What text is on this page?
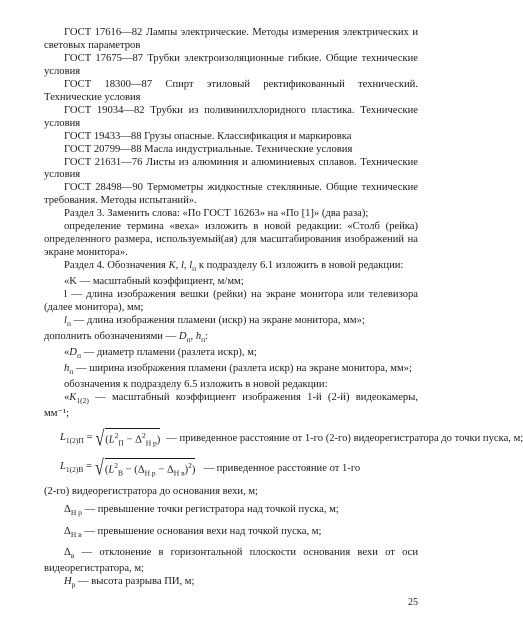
ГОСТ 17616—82 Лампы электрические. Методы измерения электрических и световых параметров

ГОСТ 17675—87 Трубки электроизоляционные гибкие. Общие технические условия

ГОСТ 18300—87 Спирт этиловый ректификованный технический. Технические условия

ГОСТ 19034—82 Трубки из поливинилхлоридного пластика. Технические условия

ГОСТ 19433—88 Грузы опасные. Классификация и маркировка

ГОСТ 20799—88 Масла индустриальные. Технические условия

ГОСТ 21631—76 Листы из алюминия и алюминиевых сплавов. Технические условия

ГОСТ 28498—90 Термометры жидкостные стеклянные. Общие технические требования. Методы испытаний».

Раздел 3. Заменить слова: «По ГОСТ 16263» на «По [1]» (два раза);

определение термина «веха» изложить в новой редакции: «Столб (рейка) определенного размера, используемый(ая) для масштабирования изображений на экране монитора».

Раздел 4. Обозначения K, l, $l_п$ к подразделу 6.1 изложить в новой редакции:

«K — масштабный коэффициент, м/мм;

l — длина изображения вешки (рейки) на экране монитора или телевизора (далее монитора), мм;

$l_п$ — длина изображения пламени (искр) на экране монитора, мм»;

дополнить обозначениями — $D_п$, $h_п$:

«$D_п$ — диаметр пламени (разлета искр), м;

$h_п$ — ширина изображения пламени (разлета искр) на экране монитора, мм»;

обозначения к подразделу 6.5 изложить в новой редакции:

«$K_{1(2)}$ — масштабный коэффициент изображения 1-й (2-й) видеокамеры, мм⁻¹;

$L_{1(2)П}$ = √ $(L^2_П - \Delta^2_{H р})$ — приведенное расстояние от 1-го (2-го) видеорегистратора до точки пуска, м;
$L_{1(2)В}$ = √ $(L^2_B - (\Delta_{H р} - \Delta_{H в})^2)$ — приведенное расстояние от 1-го

(2-го) видеорегистратора до основания вехи, м;

$\Delta_{H р}$ — превышение точки регистратора над точкой пуска, м;

$\Delta_{H в}$ — превышение основания вехи над точкой пуска, м;

$\Delta_в$ — отклонение в горизонтальной плоскости основания вехи от оси видеорегистратора, м;

$H_р$ — высота разрыва ПИ, м;

25
